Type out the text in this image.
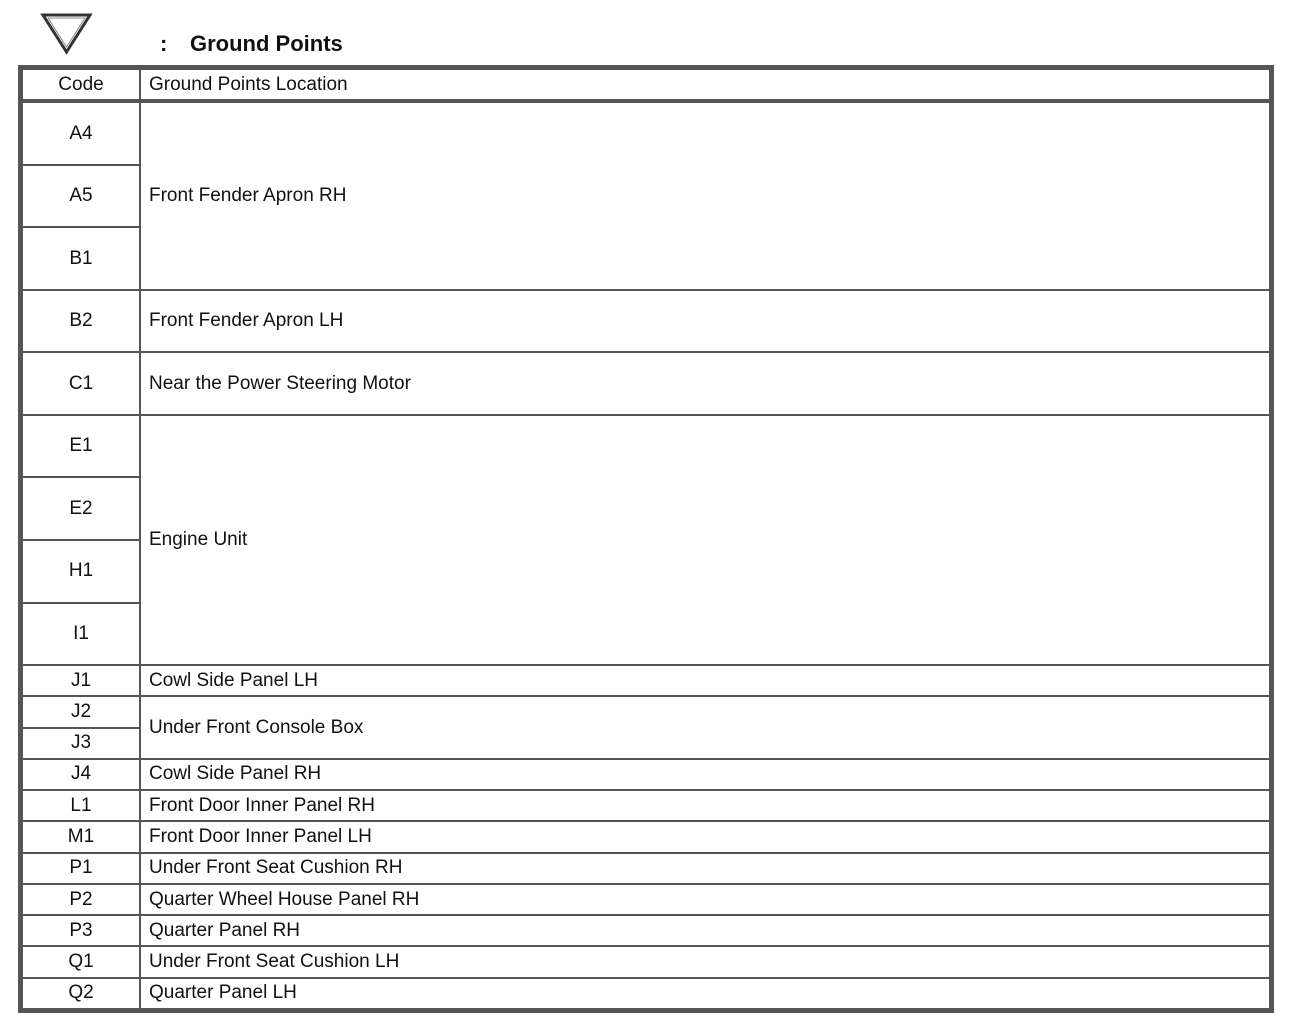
: Ground Points
Code	Ground Points Location
A4	Front Fender Apron RH
A5	
B1	
B2	Front Fender Apron LH
C1	Near the Power Steering Motor
E1	Engine Unit
E2	
H1	
I1	
J1	Cowl Side Panel LH
J2	Under Front Console Box
J3	
J4	Cowl Side Panel RH
L1	Front Door Inner Panel RH
M1	Front Door Inner Panel LH
P1	Under Front Seat Cushion RH
P2	Quarter Wheel House Panel RH
P3	Quarter Panel RH
Q1	Under Front Seat Cushion LH
Q2	Quarter Panel LH
